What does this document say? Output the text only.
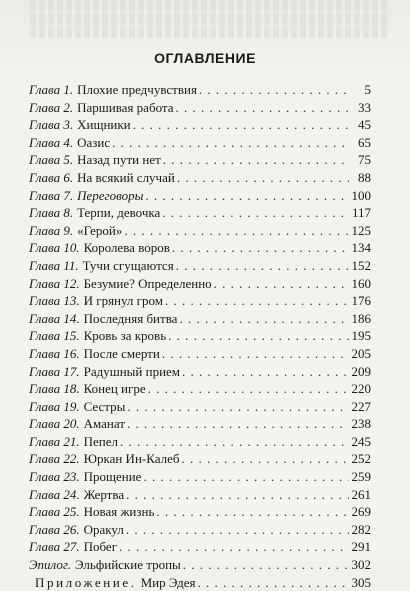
ОГЛАВЛЕНИЕ
Глава 1. Плохие предчувствия . . .	5
Глава 2. Паршивая работа . . .	33
Глава 3. Хищники . . .	45
Глава 4. Оазис . . .	65
Глава 5. Назад пути нет . . .	75
Глава 6. На всякий случай . . .	88
Глава 7. Переговоры . . .	100
Глава 8. Терпи, девочка . . .	117
Глава 9. «Герой» . . .	125
Глава 10. Королева воров . . .	134
Глава 11. Тучи сгущаются . . .	152
Глава 12. Безумие? Определенно . . .	160
Глава 13. И грянул гром . . .	176
Глава 14. Последняя битва . . .	186
Глава 15. Кровь за кровь . . .	195
Глава 16. После смерти . . .	205
Глава 17. Радушный прием . . .	209
Глава 18. Конец игре . . .	220
Глава 19. Сестры . . .	227
Глава 20. Аманат . . .	238
Глава 21. Пепел . . .	245
Глава 22. Юркан Ин-Калеб . . .	252
Глава 23. Прощение . . .	259
Глава 24. Жертва . . .	261
Глава 25. Новая жизнь . . .	269
Глава 26. Оракул . . .	282
Глава 27. Побег . . .	291
Эпилог. Эльфийские тропы . . .	302
Приложение. Мир Эдея . . .	305
